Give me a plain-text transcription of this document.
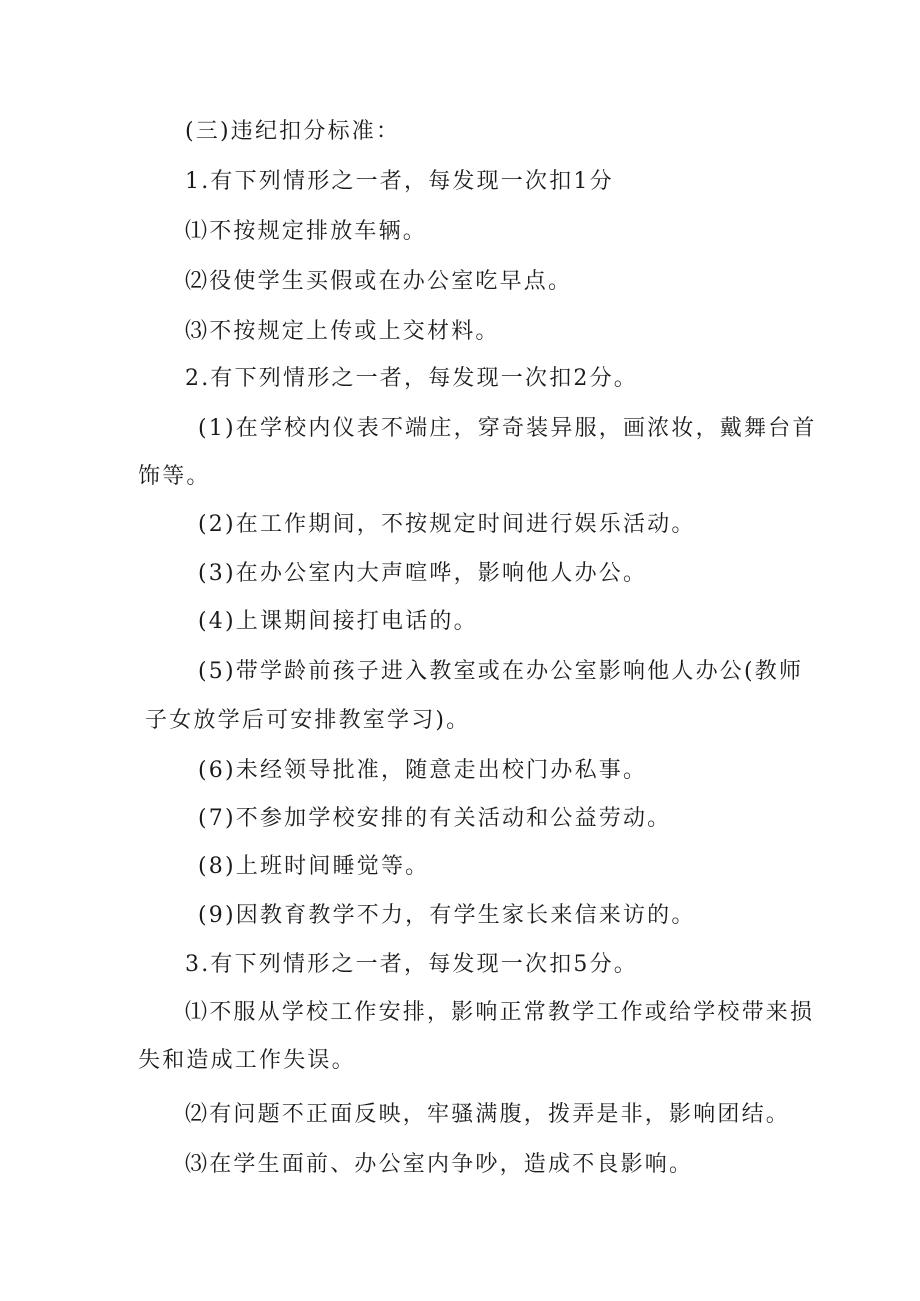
(三)违纪扣分标准：
1.有下列情形之一者，每发现一次扣1分
⑴不按规定排放车辆。
⑵役使学生买假或在办公室吃早点。
⑶不按规定上传或上交材料。
2.有下列情形之一者，每发现一次扣2分。
(1)在学校内仪表不端庄，穿奇装异服，画浓妆，戴舞台首
饰等。
(2)在工作期间，不按规定时间进行娱乐活动。
(3)在办公室内大声喧哗，影响他人办公。
(4)上课期间接打电话的。
(5)带学龄前孩子进入教室或在办公室影响他人办公(教师
子女放学后可安排教室学习)。
(6)未经领导批准，随意走出校门办私事。
(7)不参加学校安排的有关活动和公益劳动。
(8)上班时间睡觉等。
(9)因教育教学不力，有学生家长来信来访的。
3.有下列情形之一者，每发现一次扣5分。
⑴不服从学校工作安排，影响正常教学工作或给学校带来损
失和造成工作失误。
⑵有问题不正面反映，牢骚满腹，拨弄是非，影响团结。
⑶在学生面前、办公室内争吵，造成不良影响。
